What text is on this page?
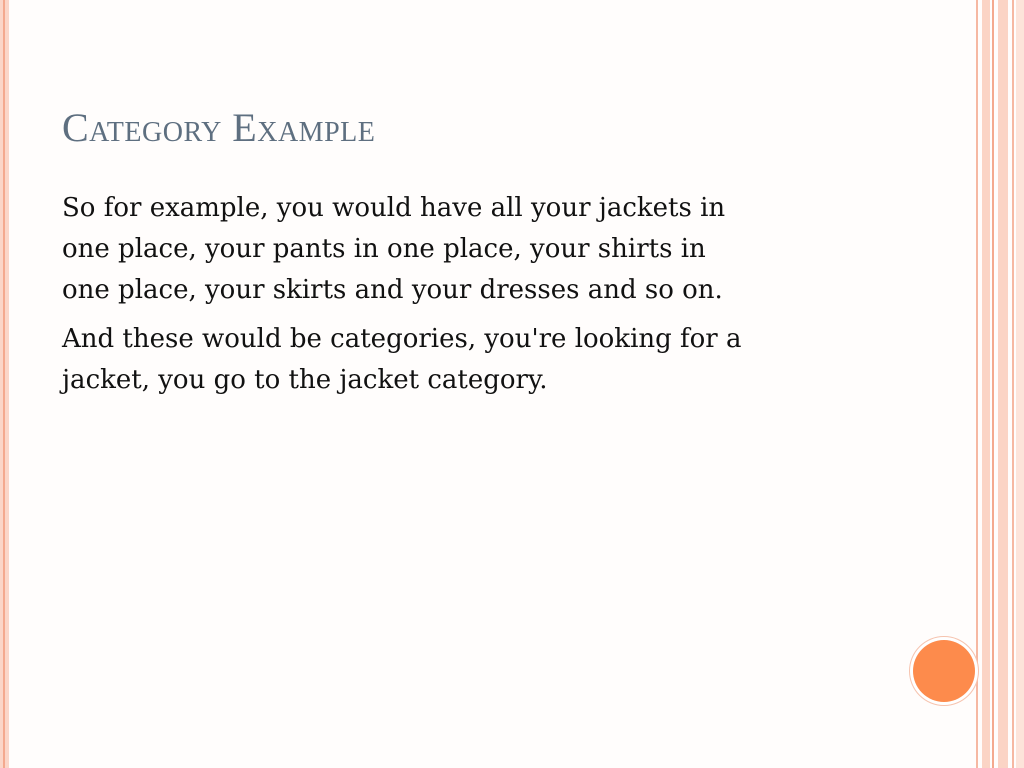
Category Example

So for example, you would have all your jackets in
one place, your pants in one place, your shirts in
one place, your skirts and your dresses and so on.

And these would be categories, you're looking for a
jacket, you go to the jacket category.
